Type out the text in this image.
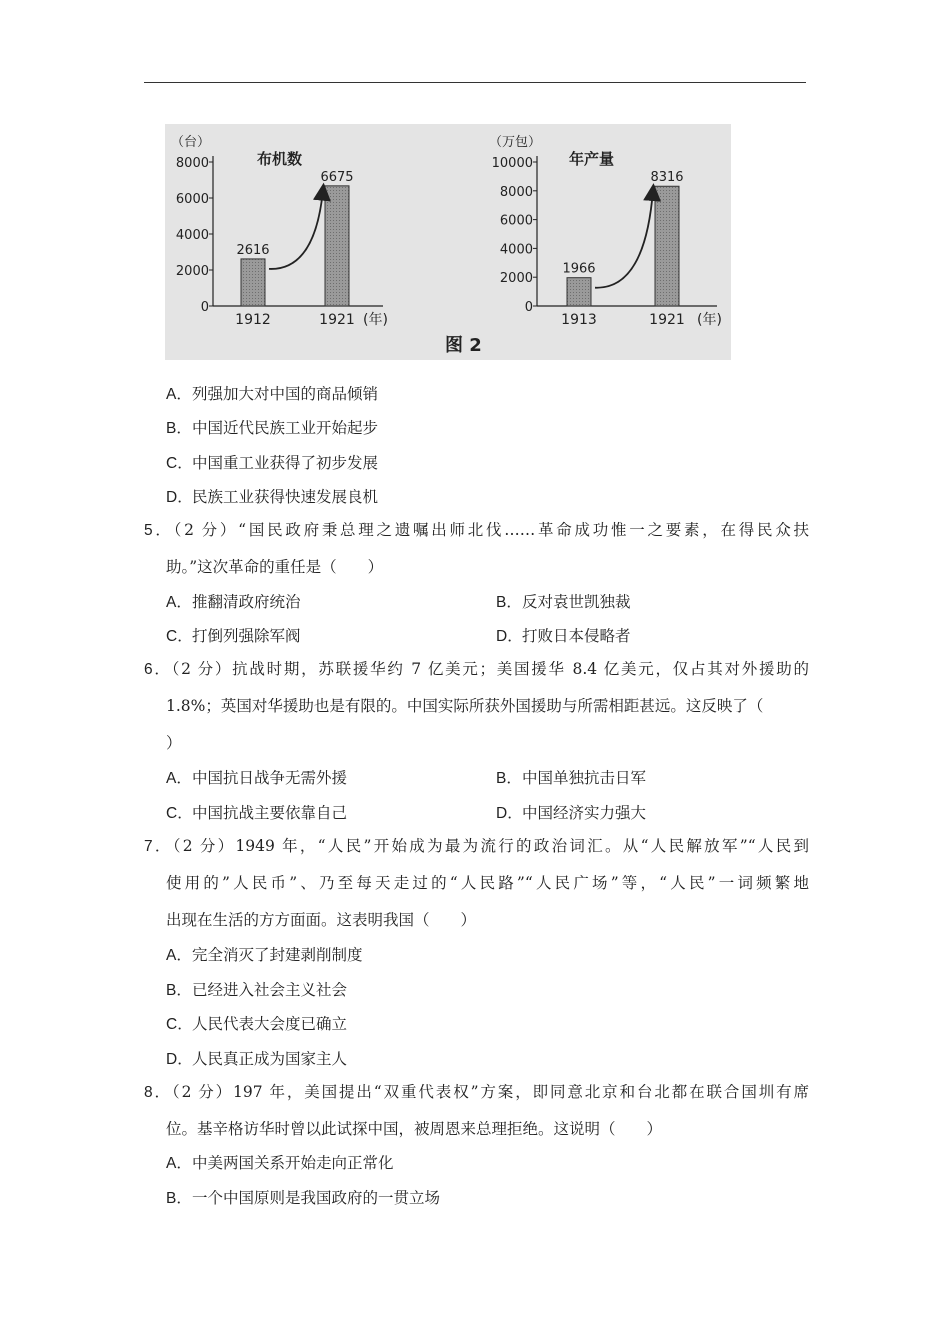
（台）
布机数
0
2000
4000
6000
8000
2616
1912
6675
1921 (年)
（万包）
年产量
0
2000
4000
6000
8000
10000
1966
1913
8316
1921 (年)
图 2
A．列强加大对中国的商品倾销
B．中国近代民族工业开始起步
C．中国重工业获得了初步发展
D．民族工业获得快速发展良机
5．（2 分）“国民政府秉总理之遗嘱出师北伐……革命成功惟一之要素，在得民众扶
助。”这次革命的重任是（　　）
A．推翻清政府统治	B．反对袁世凯独裁
C．打倒列强除军阀	D．打败日本侵略者
6．（2 分）抗战时期，苏联援华约 7 亿美元；美国援华 8.4 亿美元，仅占其对外援助的
1.8%；英国对华援助也是有限的。中国实际所获外国援助与所需相距甚远。这反映了（
）
A．中国抗日战争无需外援	B．中国单独抗击日军
C．中国抗战主要依靠自己	D．中国经济实力强大
7．（2 分）1949 年，“人民”开始成为最为流行的政治词汇。从“人民解放军”“人民到
使用的”人民币”、乃至每天走过的“人民路”“人民广场”等，“人民”一词频繁地
出现在生活的方方面面。这表明我国（　　）
A．完全消灭了封建剥削制度
B．已经进入社会主义社会
C．人民代表大会度已确立
D．人民真正成为国家主人
8．（2 分）197 年，美国提出“双重代表权”方案，即同意北京和台北都在联合国圳有席
位。基辛格访华时曾以此试探中国，被周恩来总理拒绝。这说明（　　）
A．中美两国关系开始走向正常化
B．一个中国原则是我国政府的一贯立场
